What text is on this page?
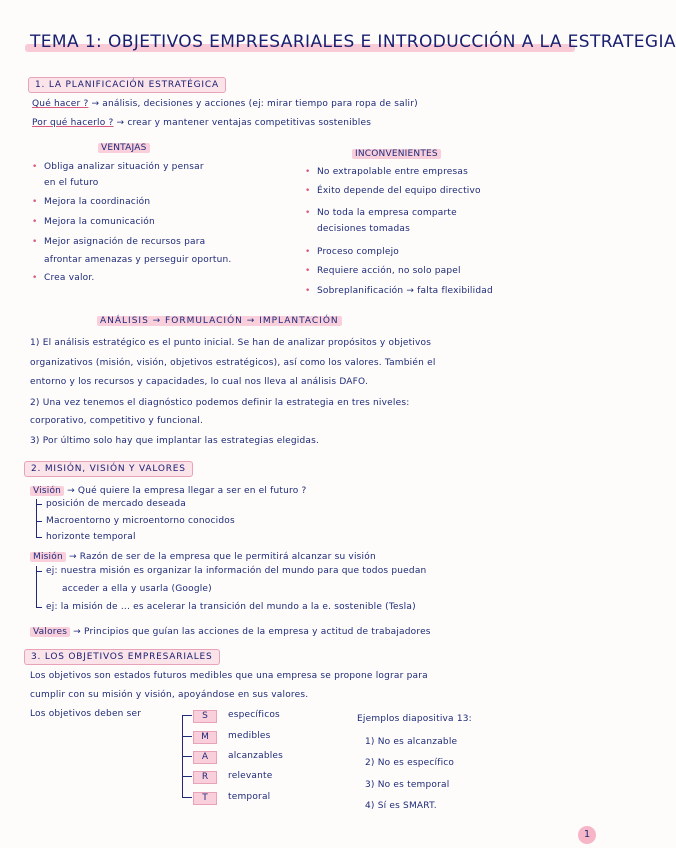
TEMA 1: OBJETIVOS EMPRESARIALES E INTRODUCCIÓN A LA ESTRATEGIA
1. LA PLANIFICACIÓN ESTRATÉGICA
Qué hacer ? → análisis, decisiones y acciones (ej: mirar tiempo para ropa de salir)
Por qué hacerlo ? → crear y mantener ventajas competitivas sostenibles
VENTAJAS
INCONVENIENTES
• Obliga analizar situación y pensar
en el futuro
• Mejora la coordinación
• Mejora la comunicación
• Mejor asignación de recursos para
afrontar amenazas y perseguir oportun.
• Crea valor.
• No extrapolable entre empresas
• Éxito depende del equipo directivo
• No toda la empresa comparte
decisiones tomadas
• Proceso complejo
• Requiere acción, no solo papel
• Sobreplanificación → falta flexibilidad
ANÁLISIS → FORMULACIÓN → IMPLANTACIÓN
1) El análisis estratégico es el punto inicial. Se han de analizar propósitos y objetivos
organizativos (misión, visión, objetivos estratégicos), así como los valores. También el
entorno y los recursos y capacidades, lo cual nos lleva al análisis DAFO.
2) Una vez tenemos el diagnóstico podemos definir la estrategia en tres niveles:
corporativo, competitivo y funcional.
3) Por último solo hay que implantar las estrategias elegidas.
2. MISIÓN, VISIÓN Y VALORES
Visión → Qué quiere la empresa llegar a ser en el futuro ?
posición de mercado deseada
Macroentorno y microentorno conocidos
horizonte temporal
Misión → Razón de ser de la empresa que le permitirá alcanzar su visión
ej: nuestra misión es organizar la información del mundo para que todos puedan
acceder a ella y usarla (Google)
ej: la misión de ... es acelerar la transición del mundo a la e. sostenible (Tesla)
Valores → Principios que guían las acciones de la empresa y actitud de trabajadores
3. LOS OBJETIVOS EMPRESARIALES
Los objetivos son estados futuros medibles que una empresa se propone lograr para
cumplir con su misión y visión, apoyándose en sus valores.
Los objetivos deben ser	S	específicos
M	medibles
A	alcanzables
R	relevante
T	temporal
Ejemplos diapositiva 13:
1) No es alcanzable
2) No es específico
3) No es temporal
4) Sí es SMART.
1
